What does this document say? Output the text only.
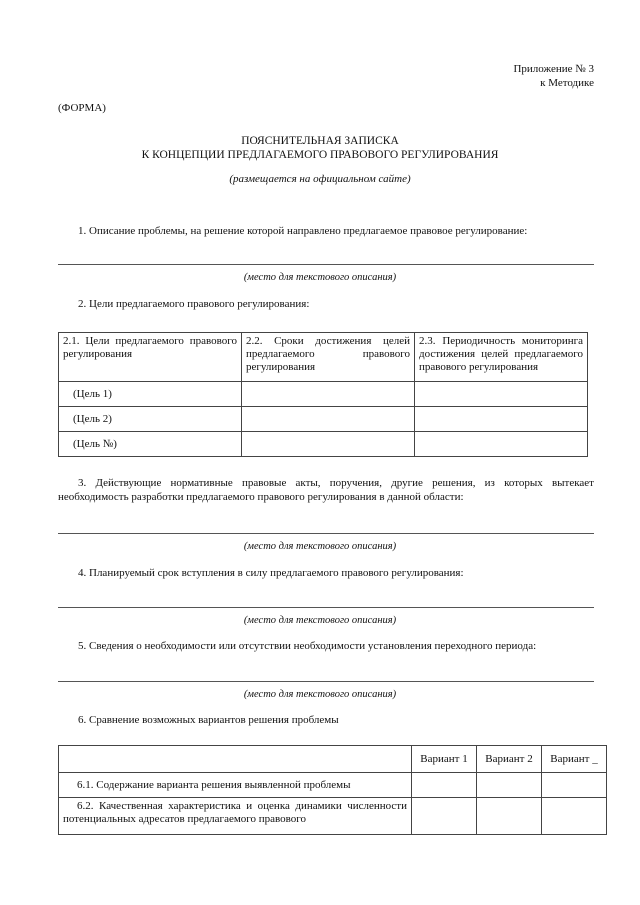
Приложение № 3
к Методике
(ФОРМА)
ПОЯСНИТЕЛЬНАЯ ЗАПИСКА
К КОНЦЕПЦИИ ПРЕДЛАГАЕМОГО ПРАВОВОГО РЕГУЛИРОВАНИЯ
(размещается на официальном сайте)
1. Описание проблемы, на решение которой направлено предлагаемое правовое регулирование:
(место для текстового описания)
2. Цели предлагаемого правового регулирования:
2.1. Цели предлагаемого правового регулирования	2.2. Сроки достижения целей предлагаемого правового регулирования	2.3. Периодичность мониторинга достижения целей предлагаемого правового регулирования
(Цель 1)		
(Цель 2)		
(Цель №)		
3. Действующие нормативные правовые акты, поручения, другие решения, из которых вытекает необходимость разработки предлагаемого правового регулирования в данной области:
(место для текстового описания)
4. Планируемый срок вступления в силу предлагаемого правового регулирования:
(место для текстового описания)
5. Сведения о необходимости или отсутствии необходимости установления переходного периода:
(место для текстового описания)
6. Сравнение возможных вариантов решения проблемы
	Вариант 1	Вариант 2	Вариант _
6.1. Содержание варианта решения выявленной проблемы			
6.2. Качественная характеристика и оценка динамики численности потенциальных адресатов предлагаемого правового			
